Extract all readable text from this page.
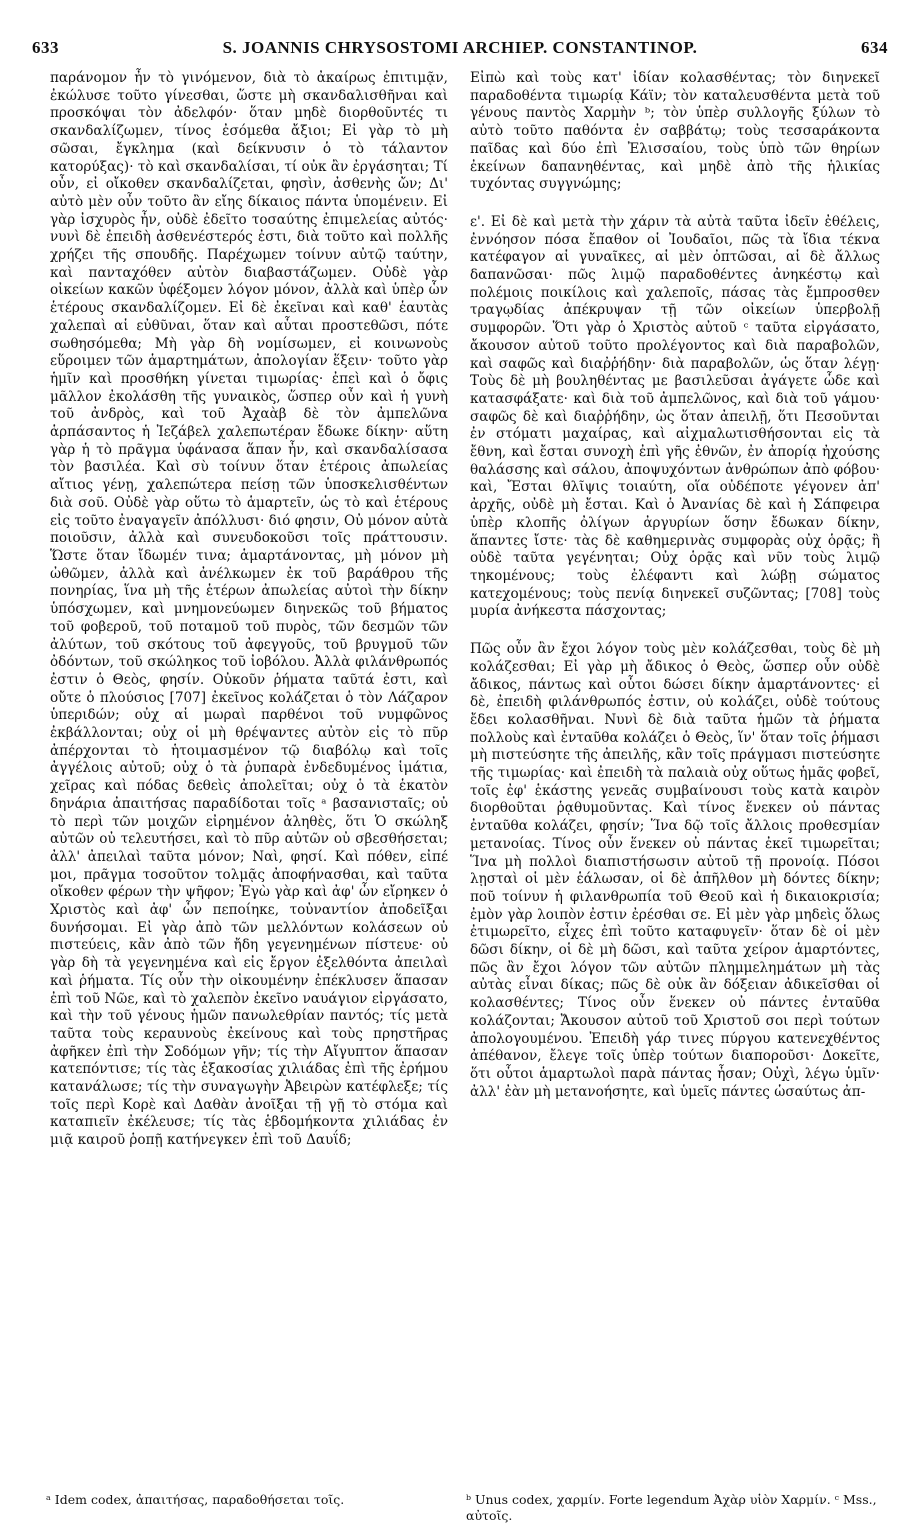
633	S. JOANNIS CHRYSOSTOMI ARCHIEP. CONSTANTINOP.	634

παράνομον ἦν τὸ γινόμενον, διὰ τὸ ἀκαίρως ἐπιτιμᾷν, ἐκώλυσε τοῦτο γίνεσθαι, ὥστε μὴ σκανδαλισθῆναι καὶ προσκόψαι τὸν ἀδελφόν· ὅταν μηδὲ διορθοῦντές τι σκανδαλίζωμεν, τίνος ἐσόμεθα ἄξιοι; Εἰ γὰρ τὸ μὴ σῶσαι, ἔγκλημα (καὶ δείκνυσιν ὁ τὸ τάλαντον κατορύξας)· τὸ καὶ σκανδαλίσαι, τί οὐκ ἂν ἐργάσηται; Τί οὖν, εἰ οἴκοθεν σκανδαλίζεται, φησὶν, ἀσθενὴς ὤν; Δι' αὐτὸ μὲν οὖν τοῦτο ἂν εἴης δίκαιος πάντα ὑπομένειν. Εἰ γὰρ ἰσχυρὸς ἦν, οὐδὲ ἐδεῖτο τοσαύτης ἐπιμελείας αὐτός· νυνὶ δὲ ἐπειδὴ ἀσθενέστερός ἐστι, διὰ τοῦτο καὶ πολλῆς χρήζει τῆς σπουδῆς. Παρέχωμεν τοίνυν αὐτῷ ταύτην, καὶ πανταχόθεν αὐτὸν διαβαστάζωμεν. Οὐδὲ γὰρ οἰκείων κακῶν ὑφέξομεν λόγον μόνον, ἀλλὰ καὶ ὑπὲρ ὧν ἑτέρους σκανδαλίζομεν. Εἰ δὲ ἐκεῖναι καὶ καθ' ἑαυτὰς χαλεπαὶ αἱ εὐθῦναι, ὅταν καὶ αὗται προστεθῶσι, πότε σωθησόμεθα; Μὴ γὰρ δὴ νομίσωμεν, εἰ κοινωνοὺς εὕροιμεν τῶν ἁμαρτημάτων, ἀπολογίαν ἕξειν· τοῦτο γὰρ ἡμῖν καὶ προσθήκη γίνεται τιμωρίας· ἐπεὶ καὶ ὁ ὄφις μᾶλλον ἐκολάσθη τῆς γυναικὸς, ὥσπερ οὖν καὶ ἡ γυνὴ τοῦ ἀνδρὸς, καὶ τοῦ Ἀχαὰβ δὲ τὸν ἀμπελῶνα ἁρπάσαντος ἡ Ἰεζάβελ χαλεπωτέραν ἔδωκε δίκην· αὕτη γὰρ ἡ τὸ πρᾶγμα ὑφάνασα ἅπαν ἦν, καὶ σκανδαλίσασα τὸν βασιλέα. Καὶ σὺ τοίνυν ὅταν ἑτέροις ἀπωλείας αἴτιος γένῃ, χαλεπώτερα πείσῃ τῶν ὑποσκελισθέντων διὰ σοῦ. Οὐδὲ γὰρ οὕτω τὸ ἁμαρτεῖν, ὡς τὸ καὶ ἑτέρους εἰς τοῦτο ἐναγαγεῖν ἀπόλλυσι· διό φησιν, Οὐ μόνον αὐτὰ ποιοῦσιν, ἀλλὰ καὶ συνευδοκοῦσι τοῖς πράττουσιν. Ὥστε ὅταν ἴδωμέν τινα; ἁμαρτάνοντας, μὴ μόνον μὴ ὠθῶμεν, ἀλλὰ καὶ ἀνέλκωμεν ἐκ τοῦ βαράθρου τῆς πονηρίας, ἵνα μὴ τῆς ἑτέρων ἀπωλείας αὐτοὶ τὴν δίκην ὑπόσχωμεν, καὶ μνημονεύωμεν διηνεκῶς τοῦ βήματος τοῦ φοβεροῦ, τοῦ ποταμοῦ τοῦ πυρὸς, τῶν δεσμῶν τῶν ἀλύτων, τοῦ σκότους τοῦ ἀφεγγοῦς, τοῦ βρυγμοῦ τῶν ὀδόντων, τοῦ σκώληκος τοῦ ἰοβόλου. Ἀλλὰ φιλάνθρωπός ἐστιν ὁ Θεὸς, φησίν. Οὐκοῦν ῥήματα ταῦτά ἐστι, καὶ οὔτε ὁ πλούσιος [707] ἐκεῖνος κολάζεται ὁ τὸν Λάζαρον ὑπεριδών; οὐχ αἱ μωραὶ παρθένοι τοῦ νυμφῶνος ἐκβάλλονται; οὐχ οἱ μὴ θρέψαντες αὐτὸν εἰς τὸ πῦρ ἀπέρχονται τὸ ἡτοιμασμένον τῷ διαβόλῳ καὶ τοῖς ἀγγέλοις αὐτοῦ; οὐχ ὁ τὰ ῥυπαρὰ ἐνδεδυμένος ἱμάτια, χεῖρας καὶ πόδας δεθεὶς ἀπολεῖται; οὐχ ὁ τὰ ἑκατὸν δηνάρια ἀπαιτήσας παραδίδοται τοῖς ᵃ βασανισταῖς; οὐ τὸ περὶ τῶν μοιχῶν εἰρημένον ἀληθὲς, ὅτι Ὁ σκώληξ αὐτῶν οὐ τελευτήσει, καὶ τὸ πῦρ αὐτῶν οὐ σβεσθήσεται; ἀλλ' ἀπειλαὶ ταῦτα μόνον; Ναὶ, φησί. Καὶ πόθεν, εἰπέ μοι, πρᾶγμα τοσοῦτον τολμᾷς ἀποφήνασθαι, καὶ ταῦτα οἴκοθεν φέρων τὴν ψῆφον; Ἐγὼ γὰρ καὶ ἀφ' ὧν εἴρηκεν ὁ Χριστὸς καὶ ἀφ' ὧν πεποίηκε, τοὐναντίον ἀποδεῖξαι δυνήσομαι. Εἰ γὰρ ἀπὸ τῶν μελλόντων κολάσεων οὐ πιστεύεις, κἂν ἀπὸ τῶν ἤδη γεγενημένων πίστευε· οὐ γὰρ δὴ τὰ γεγενημένα καὶ εἰς ἔργον ἐξελθόντα ἀπειλαὶ καὶ ῥήματα. Τίς οὖν τὴν οἰκουμένην ἐπέκλυσεν ἅπασαν ἐπὶ τοῦ Νῶε, καὶ τὸ χαλεπὸν ἐκεῖνο ναυάγιον εἰργάσατο, καὶ τὴν τοῦ γένους ἡμῶν πανωλεθρίαν παντός; τίς μετὰ ταῦτα τοὺς κεραυνοὺς ἐκείνους καὶ τοὺς πρηστῆρας ἀφῆκεν ἐπὶ τὴν Σοδόμων γῆν; τίς τὴν Αἴγυπτον ἅπασαν κατεπόντισε; τίς τὰς ἑξακοσίας χιλιάδας ἐπὶ τῆς ἐρήμου κατανάλωσε; τίς τὴν συναγωγὴν Ἀβειρὼν κατέφλεξε; τίς τοῖς περὶ Κορὲ καὶ Δαθὰν ἀνοῖξαι τῇ γῇ τὸ στόμα καὶ καταπιεῖν ἐκέλευσε; τίς τὰς ἑβδομήκοντα χιλιάδας ἐν μιᾷ καιροῦ ῥοπῇ κατήνεγκεν ἐπὶ τοῦ Δαυΐδ;

Εἰπὼ καὶ τοὺς κατ' ἰδίαν κολασθέντας; τὸν διηνεκεῖ παραδοθέντα τιμωρίᾳ Κάϊν; τὸν καταλευσθέντα μετὰ τοῦ γένους παντὸς Χαρμὴν ᵇ; τὸν ὑπὲρ συλλογῆς ξύλων τὸ αὐτὸ τοῦτο παθόντα ἐν σαββάτῳ; τοὺς τεσσαράκοντα παῖδας καὶ δύο ἐπὶ Ἐλισσαίου, τοὺς ὑπὸ τῶν θηρίων ἐκείνων δαπανηθέντας, καὶ μηδὲ ἀπὸ τῆς ἡλικίας τυχόντας συγγνώμης;

ε'. Εἰ δὲ καὶ μετὰ τὴν χάριν τὰ αὐτὰ ταῦτα ἰδεῖν ἐθέλεις, ἐννόησον πόσα ἔπαθον οἱ Ἰουδαῖοι, πῶς τὰ ἴδια τέκνα κατέφαγον αἱ γυναῖκες, αἱ μὲν ὀπτῶσαι, αἱ δὲ ἄλλως δαπανῶσαι· πῶς λιμῷ παραδοθέντες ἀνηκέστῳ καὶ πολέμοις ποικίλοις καὶ χαλεποῖς, πάσας τὰς ἔμπροσθεν τραγῳδίας ἀπέκρυψαν τῇ τῶν οἰκείων ὑπερβολῇ συμφορῶν. Ὅτι γὰρ ὁ Χριστὸς αὐτοῦ ᶜ ταῦτα εἰργάσατο, ἄκουσον αὐτοῦ τοῦτο προλέγοντος καὶ διὰ παραβολῶν, καὶ σαφῶς καὶ διαῤῥήδην· διὰ παραβολῶν, ὡς ὅταν λέγῃ· Τοὺς δὲ μὴ βουληθέντας με βασιλεῦσαι ἀγάγετε ὧδε καὶ κατασφάξατε· καὶ διὰ τοῦ ἀμπελῶνος, καὶ διὰ τοῦ γάμου· σαφῶς δὲ καὶ διαῤῥήδην, ὡς ὅταν ἀπειλῇ, ὅτι Πεσοῦνται ἐν στόματι μαχαίρας, καὶ αἰχμαλωτισθήσονται εἰς τὰ ἔθνη, καὶ ἔσται συνοχὴ ἐπὶ γῆς ἐθνῶν, ἐν ἀπορίᾳ ἠχούσης θαλάσσης καὶ σάλου, ἀποψυχόντων ἀνθρώπων ἀπὸ φόβου· καὶ, Ἔσται θλῖψις τοιαύτη, οἵα οὐδέποτε γέγονεν ἀπ' ἀρχῆς, οὐδὲ μὴ ἔσται. Καὶ ὁ Ἀνανίας δὲ καὶ ἡ Σάπφειρα ὑπὲρ κλοπῆς ὀλίγων ἀργυρίων ὅσην ἔδωκαν δίκην, ἅπαντες ἴστε· τὰς δὲ καθημερινὰς συμφορὰς οὐχ ὁρᾷς; ἢ οὐδὲ ταῦτα γεγένηται; Οὐχ ὁρᾷς καὶ νῦν τοὺς λιμῷ τηκομένους; τοὺς ἐλέφαντι καὶ λώβῃ σώματος κατεχομένους; τοὺς πενίᾳ διηνεκεῖ συζῶντας; [708] τοὺς μυρία ἀνήκεστα πάσχοντας;

Πῶς οὖν ἂν ἔχοι λόγον τοὺς μὲν κολάζεσθαι, τοὺς δὲ μὴ κολάζεσθαι; Εἰ γὰρ μὴ ἄδικος ὁ Θεὸς, ὥσπερ οὖν οὐδὲ ἄδικος, πάντως καὶ οὗτοι δώσει δίκην ἁμαρτάνοντες· εἰ δὲ, ἐπειδὴ φιλάνθρωπός ἐστιν, οὐ κολάζει, οὐδὲ τούτους ἔδει κολασθῆναι. Νυνὶ δὲ διὰ ταῦτα ἡμῶν τὰ ῥήματα πολλοὺς καὶ ἐνταῦθα κολάζει ὁ Θεὸς, ἵν' ὅταν τοῖς ῥήμασι μὴ πιστεύσητε τῆς ἀπειλῆς, κἂν τοῖς πράγμασι πιστεύσητε τῆς τιμωρίας· καὶ ἐπειδὴ τὰ παλαιὰ οὐχ οὕτως ἡμᾶς φοβεῖ, τοῖς ἐφ' ἑκάστης γενεᾶς συμβαίνουσι τοὺς κατὰ καιρὸν διορθοῦται ῥᾳθυμοῦντας. Καὶ τίνος ἕνεκεν οὐ πάντας ἐνταῦθα κολάζει, φησίν; Ἵνα δῷ τοῖς ἄλλοις προθεσμίαν μετανοίας. Τίνος οὖν ἕνεκεν οὐ πάντας ἐκεῖ τιμωρεῖται; Ἵνα μὴ πολλοὶ διαπιστήσωσιν αὐτοῦ τῇ προνοίᾳ. Πόσοι λῃσταὶ οἱ μὲν ἑάλωσαν, οἱ δὲ ἀπῆλθον μὴ δόντες δίκην; ποῦ τοίνυν ἡ φιλανθρωπία τοῦ Θεοῦ καὶ ἡ δικαιοκρισία; ἐμὸν γὰρ λοιπὸν ἐστιν ἐρέσθαι σε. Εἰ μὲν γὰρ μηδεὶς ὅλως ἐτιμωρεῖτο, εἶχες ἐπὶ τοῦτο καταφυγεῖν· ὅταν δὲ οἱ μὲν δῶσι δίκην, οἱ δὲ μὴ δῶσι, καὶ ταῦτα χείρον ἁμαρτόντες, πῶς ἂν ἔχοι λόγον τῶν αὐτῶν πλημμελημάτων μὴ τὰς αὐτὰς εἶναι δίκας; πῶς δὲ οὐκ ἂν δόξειαν ἀδικεῖσθαι οἱ κολασθέντες; Τίνος οὖν ἕνεκεν οὐ πάντες ἐνταῦθα κολάζονται; Ἄκουσον αὐτοῦ τοῦ Χριστοῦ σοι περὶ τούτων ἀπολογουμένου. Ἐπειδὴ γάρ τινες πύργου κατενεχθέντος ἀπέθανον, ἔλεγε τοῖς ὑπὲρ τούτων διαποροῦσι· Δοκεῖτε, ὅτι οὗτοι ἁμαρτωλοὶ παρὰ πάντας ἦσαν; Οὐχὶ, λέγω ὑμῖν· ἀλλ' ἐὰν μὴ μετανοήσητε, καὶ ὑμεῖς πάντες ὡσαύτως ἀπ-

ᵃ Idem codex, ἀπαιτήσας, παραδοθήσεται τοῖς.	ᵇ Unus codex, χαρμίν. Forte legendum Ἀχὰρ υἱὸν Χαρμίν. ᶜ Mss., αὐτοῖς.
